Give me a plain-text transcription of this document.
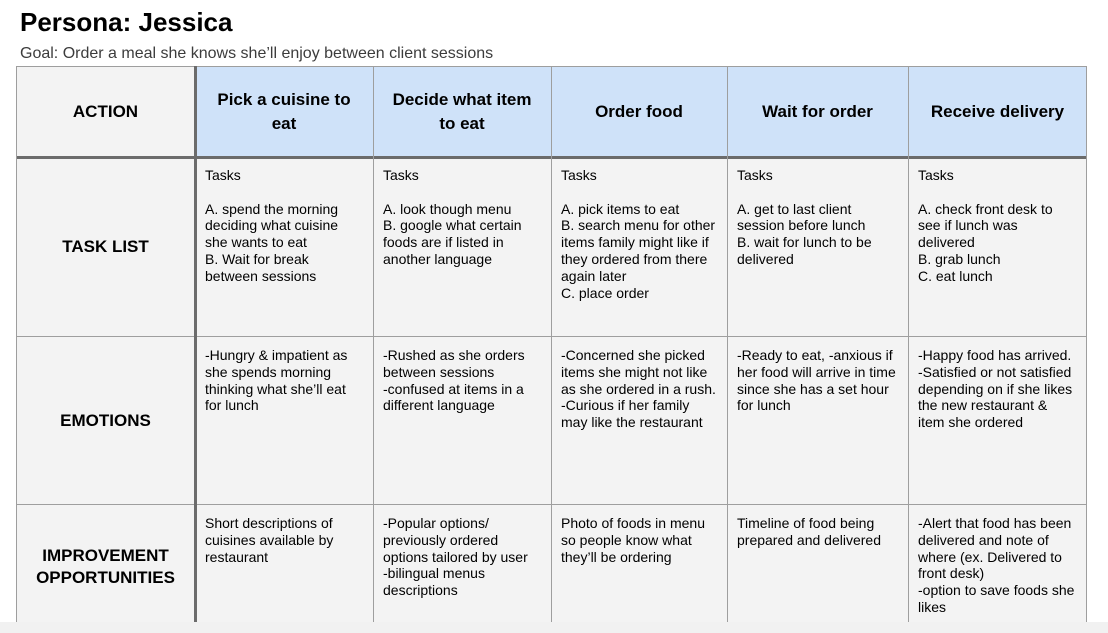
Persona: Jessica
Goal: Order a meal she knows she’ll enjoy between client sessions
ACTION
Pick a cuisine to eat
Decide what item to eat
Order food	Wait for order	Receive delivery
TASK LIST
Tasks

A. spend the morning deciding what cuisine she wants to eat
B. Wait for break between sessions
Tasks

A. look though menu
B. google what certain foods are if listed in another language
Tasks

A. pick items to eat
B. search menu for other items family might like if they ordered from there again later
C. place order
Tasks

A. get to last client session before lunch
B. wait for lunch to be delivered
Tasks

A. check front desk to see if lunch was delivered
B. grab lunch
C. eat lunch
EMOTIONS
-Hungry & impatient as she spends morning thinking what she’ll eat for lunch
-Rushed as she orders between sessions
-confused at items in a different language
-Concerned she picked items she might not like as she ordered in a rush.
-Curious if her family may like the restaurant
-Ready to eat, -anxious if her food will arrive in time since she has a set hour for lunch
-Happy food has arrived.
-Satisfied or not satisfied depending on if she likes the new restaurant & item she ordered
IMPROVEMENT OPPORTUNITIES
Short descriptions of cuisines available by restaurant
-Popular options/ previously ordered options tailored by user
-bilingual menus descriptions
Photo of foods in menu so people know what they’ll be ordering
Timeline of food being prepared and delivered
-Alert that food has been delivered and note of where (ex. Delivered to front desk)
-option to save foods she likes
